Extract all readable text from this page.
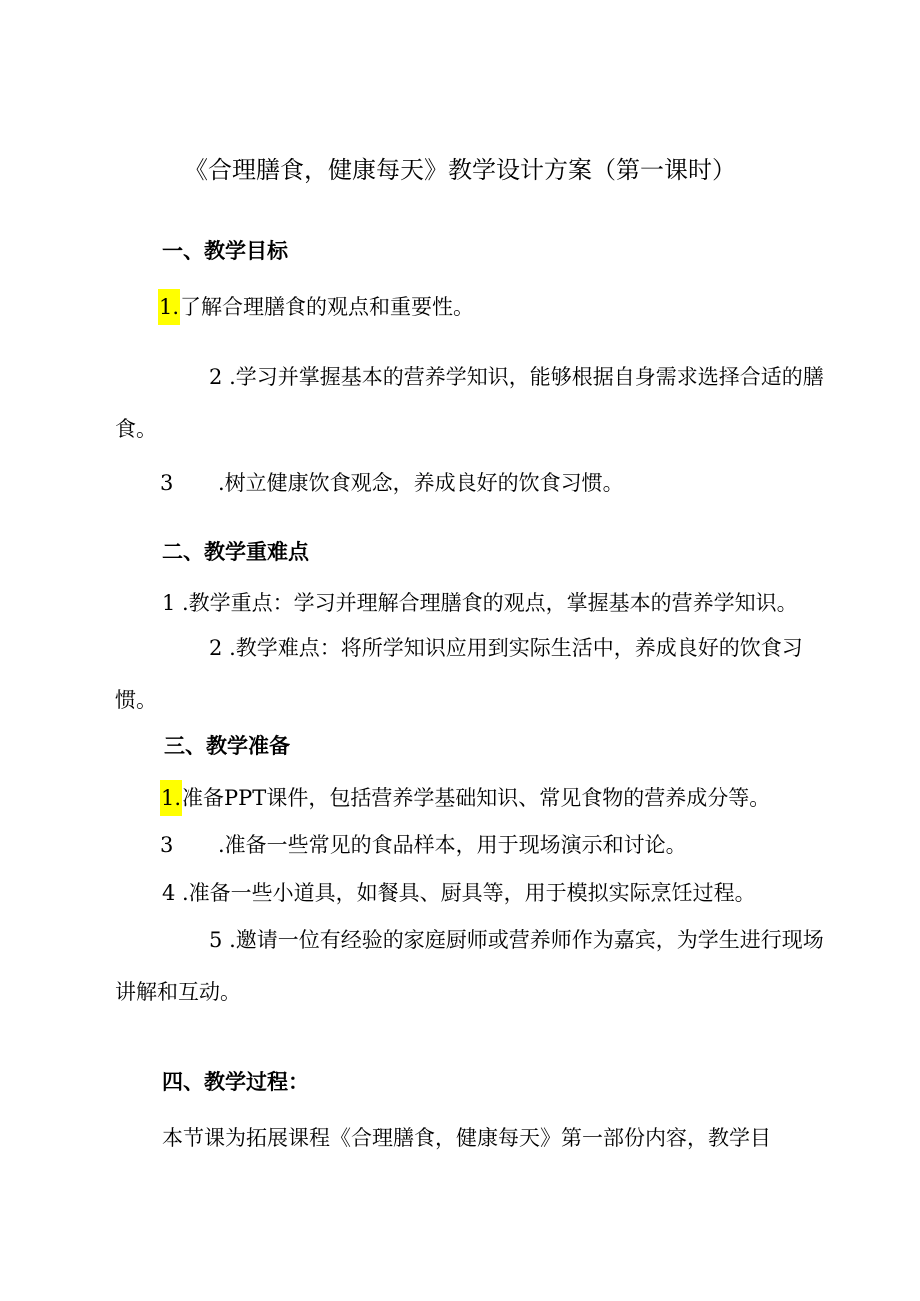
《合理膳食，健康每天》教学设计方案（第一课时）
一、教学目标
1.了解合理膳食的观点和重要性。
2 .学习并掌握基本的营养学知识，能够根据自身需求选择合适的膳食。
3 .树立健康饮食观念，养成良好的饮食习惯。
二、教学重难点
1 .教学重点：学习并理解合理膳食的观点，掌握基本的营养学知识。
2 .教学难点：将所学知识应用到实际生活中，养成良好的饮食习惯。
三、教学准备
1.准备PPT课件，包括营养学基础知识、常见食物的营养成分等。
3 .准备一些常见的食品样本，用于现场演示和讨论。
4 .准备一些小道具，如餐具、厨具等，用于模拟实际烹饪过程。
5 .邀请一位有经验的家庭厨师或营养师作为嘉宾，为学生进行现场讲解和互动。
四、教学过程：
本节课为拓展课程《合理膳食，健康每天》第一部份内容，教学目
